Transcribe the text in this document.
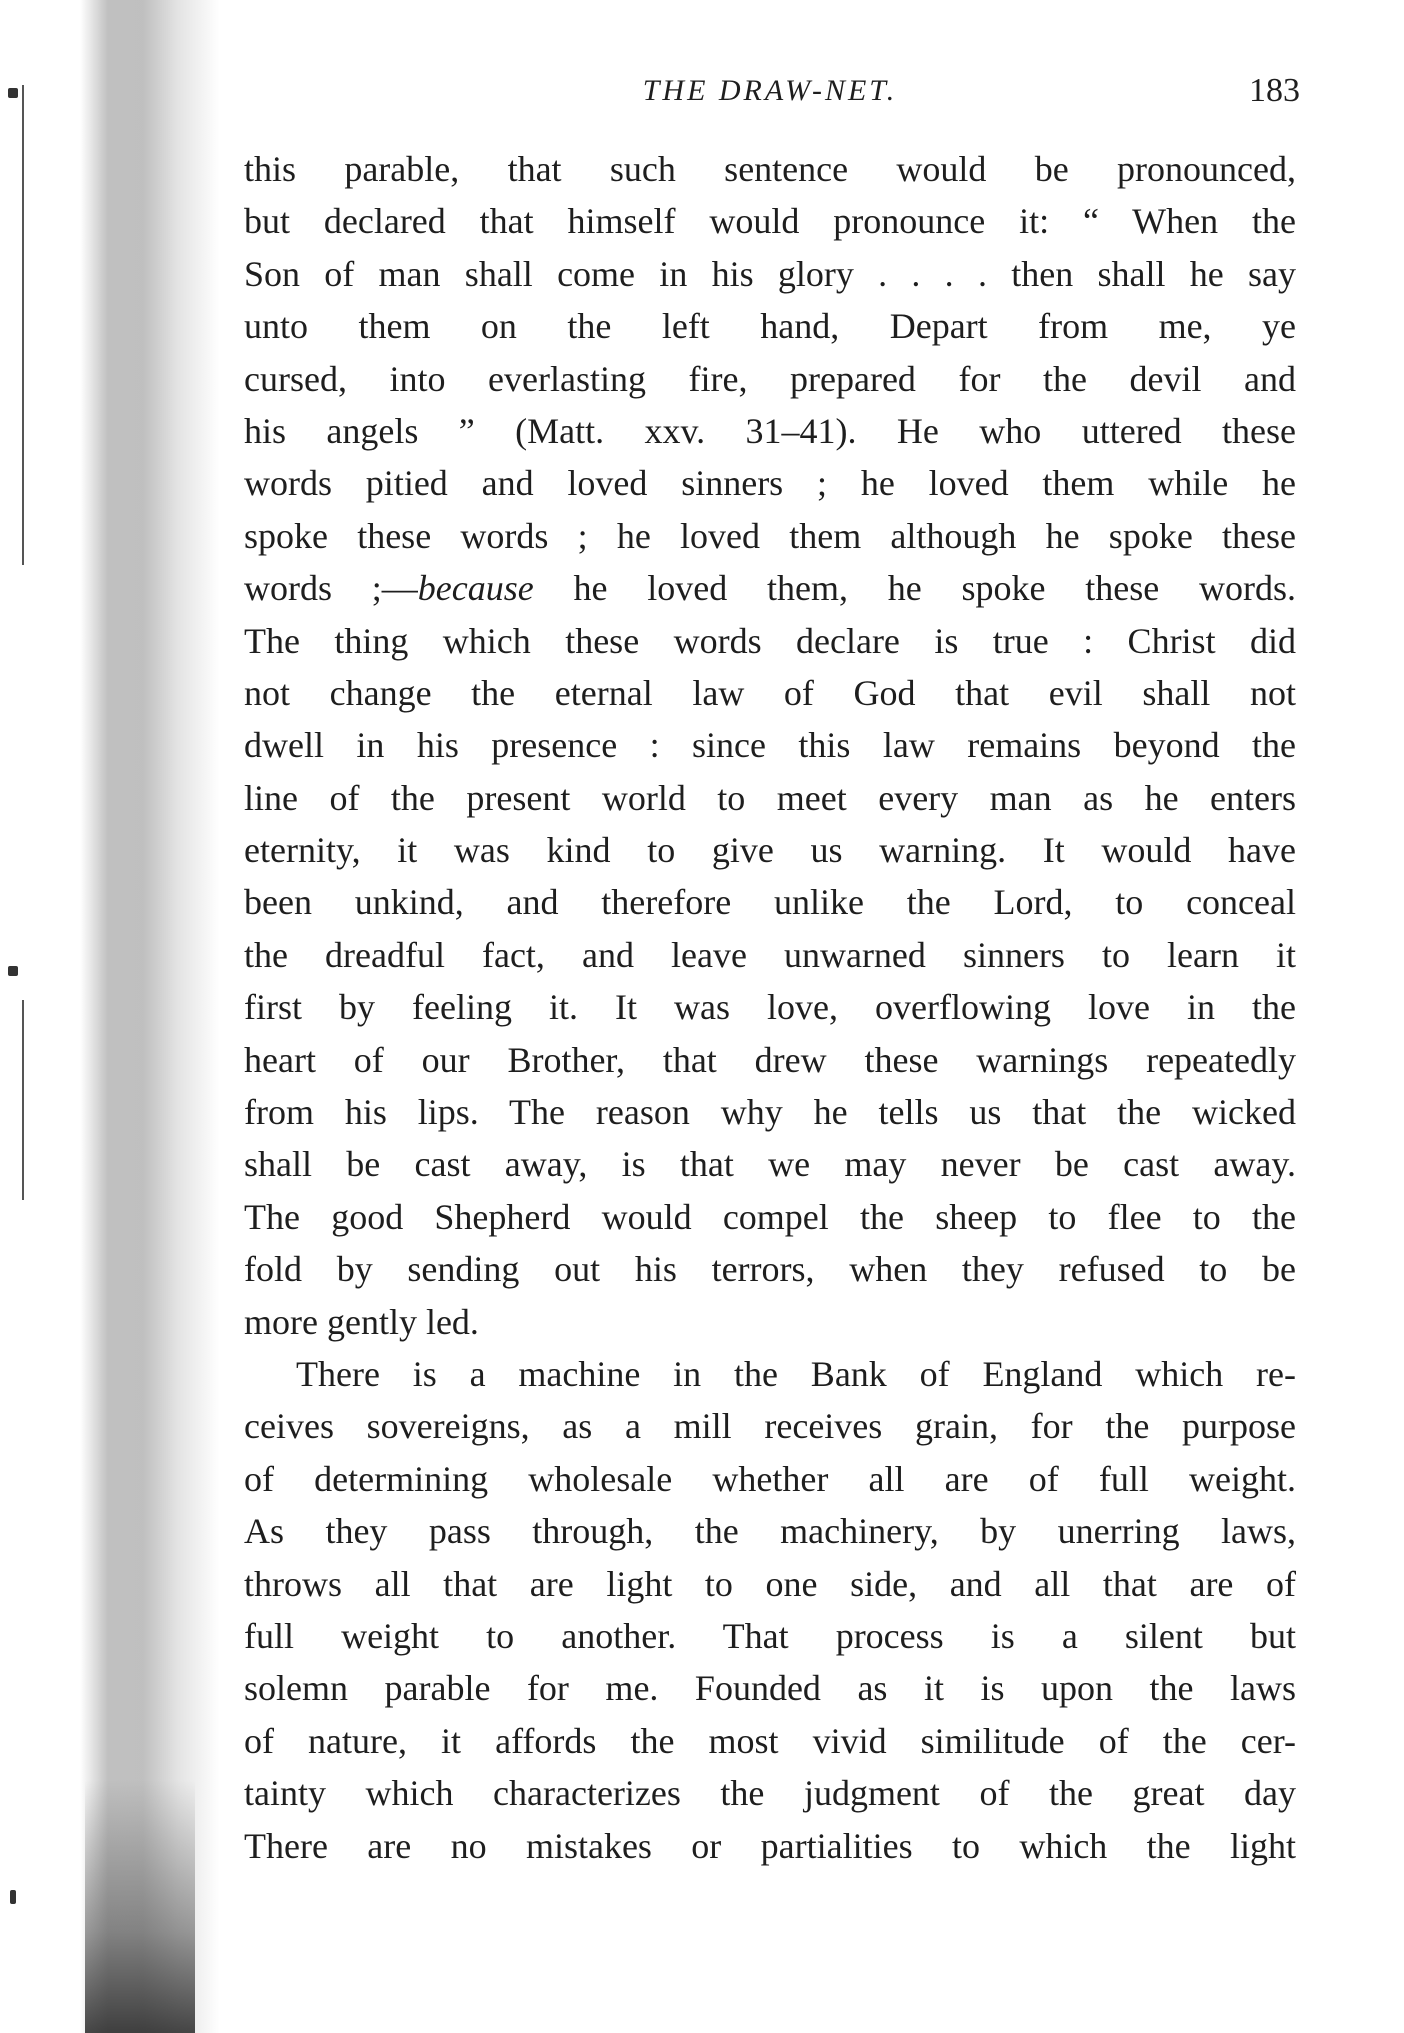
THE DRAW-NET.	183
this parable, that such sentence would be pronounced,
but declared that himself would pronounce it: “ When the
Son of man shall come in his glory . . . . then shall he say
unto them on the left hand, Depart from me, ye
cursed, into everlasting fire, prepared for the devil and
his angels ” (Matt. xxv. 31–41). He who uttered these
words pitied and loved sinners ; he loved them while he
spoke these words ; he loved them although he spoke these
words ;—because he loved them, he spoke these words.
The thing which these words declare is true : Christ did
not change the eternal law of God that evil shall not
dwell in his presence : since this law remains beyond the
line of the present world to meet every man as he enters
eternity, it was kind to give us warning. It would have
been unkind, and therefore unlike the Lord, to conceal
the dreadful fact, and leave unwarned sinners to learn it
first by feeling it. It was love, overflowing love in the
heart of our Brother, that drew these warnings repeatedly
from his lips. The reason why he tells us that the wicked
shall be cast away, is that we may never be cast away.
The good Shepherd would compel the sheep to flee to the
fold by sending out his terrors, when they refused to be
more gently led.
There is a machine in the Bank of England which re-
ceives sovereigns, as a mill receives grain, for the purpose
of determining wholesale whether all are of full weight.
As they pass through, the machinery, by unerring laws,
throws all that are light to one side, and all that are of
full weight to another. That process is a silent but
solemn parable for me. Founded as it is upon the laws
of nature, it affords the most vivid similitude of the cer-
tainty which characterizes the judgment of the great day
There are no mistakes or partialities to which the light
